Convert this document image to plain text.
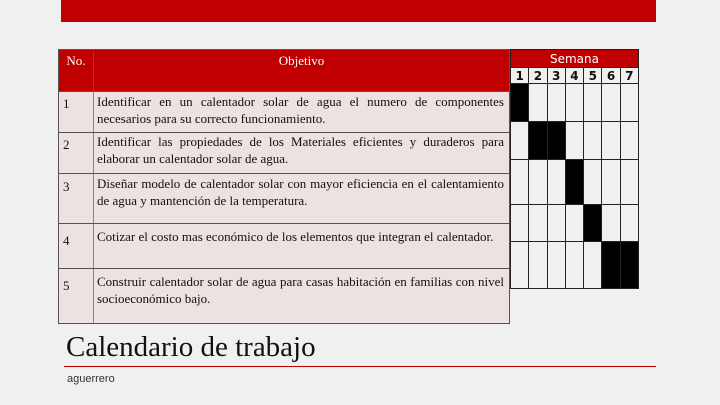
No.	Objetivo
1	Identificar en un calentador solar de agua el numero de componentes necesarios para su correcto funcionamiento.
2	Identificar las propiedades de los Materiales eficientes y duraderos para elaborar un calentador solar de agua.
3	Diseñar modelo de calentador solar con mayor eficiencia en el calentamiento de agua y mantención de la temperatura.
4	Cotizar el costo mas económico de los elementos que integran el calentador.
5	Construir calentador solar de agua para casas habitación en familias con nivel socioeconómico bajo.
Semana						
1	2	3	4	5	6	7

Calendario de trabajo
aguerrero
